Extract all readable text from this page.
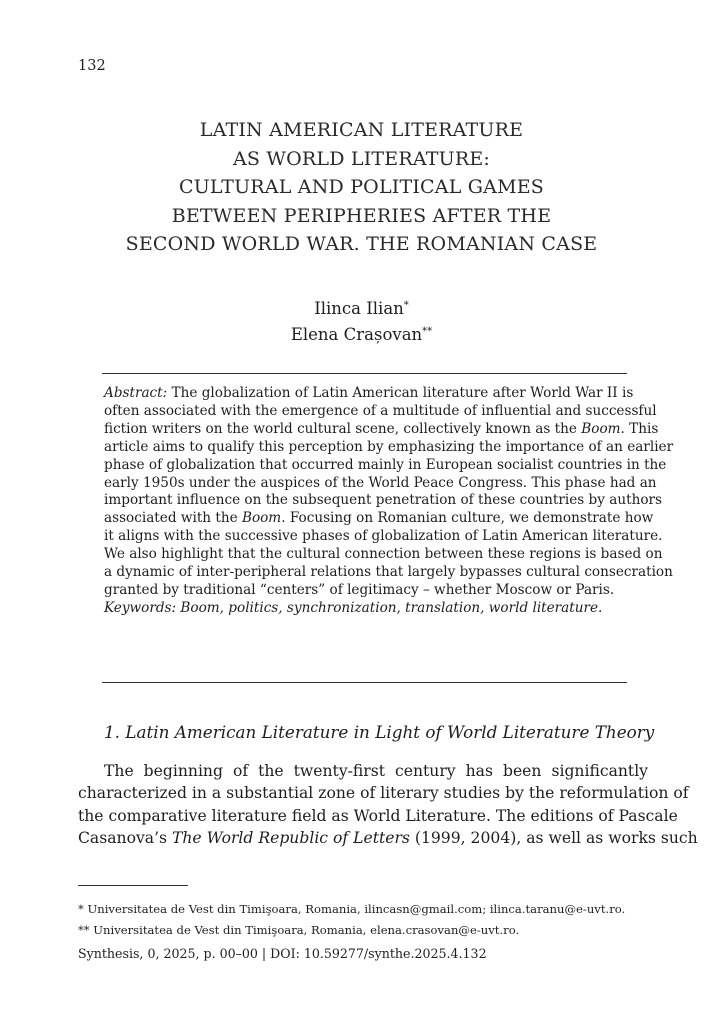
132
LATIN AMERICAN LITERATURE
AS WORLD LITERATURE:
CULTURAL AND POLITICAL GAMES
BETWEEN PERIPHERIES AFTER THE
SECOND WORLD WAR. THE ROMANIAN CASE
Ilinca Ilian*
Elena Crașovan**
Abstract: The globalization of Latin American literature after World War II is
often associated with the emergence of a multitude of influential and successful
fiction writers on the world cultural scene, collectively known as the Boom. This
article aims to qualify this perception by emphasizing the importance of an earlier
phase of globalization that occurred mainly in European socialist countries in the
early 1950s under the auspices of the World Peace Congress. This phase had an
important influence on the subsequent penetration of these countries by authors
associated with the Boom. Focusing on Romanian culture, we demonstrate how
it aligns with the successive phases of globalization of Latin American literature.
We also highlight that the cultural connection between these regions is based on
a dynamic of inter-peripheral relations that largely bypasses cultural consecration
granted by traditional “centers” of legitimacy – whether Moscow or Paris.
Keywords: Boom, politics, synchronization, translation, world literature.
1. Latin American Literature in Light of World Literature Theory
The beginning of the twenty-first century has been significantly
characterized in a substantial zone of literary studies by the reformulation of
the comparative literature field as World Literature. The editions of Pascale
Casanova’s The World Republic of Letters (1999, 2004), as well as works such
* Universitatea de Vest din Timişoara, Romania, ilincasn@gmail.com; ilinca.taranu@e-uvt.ro.
** Universitatea de Vest din Timişoara, Romania, elena.crasovan@e-uvt.ro.
Synthesis, 0, 2025, p. 00–00 | DOI: 10.59277/synthe.2025.4.132
